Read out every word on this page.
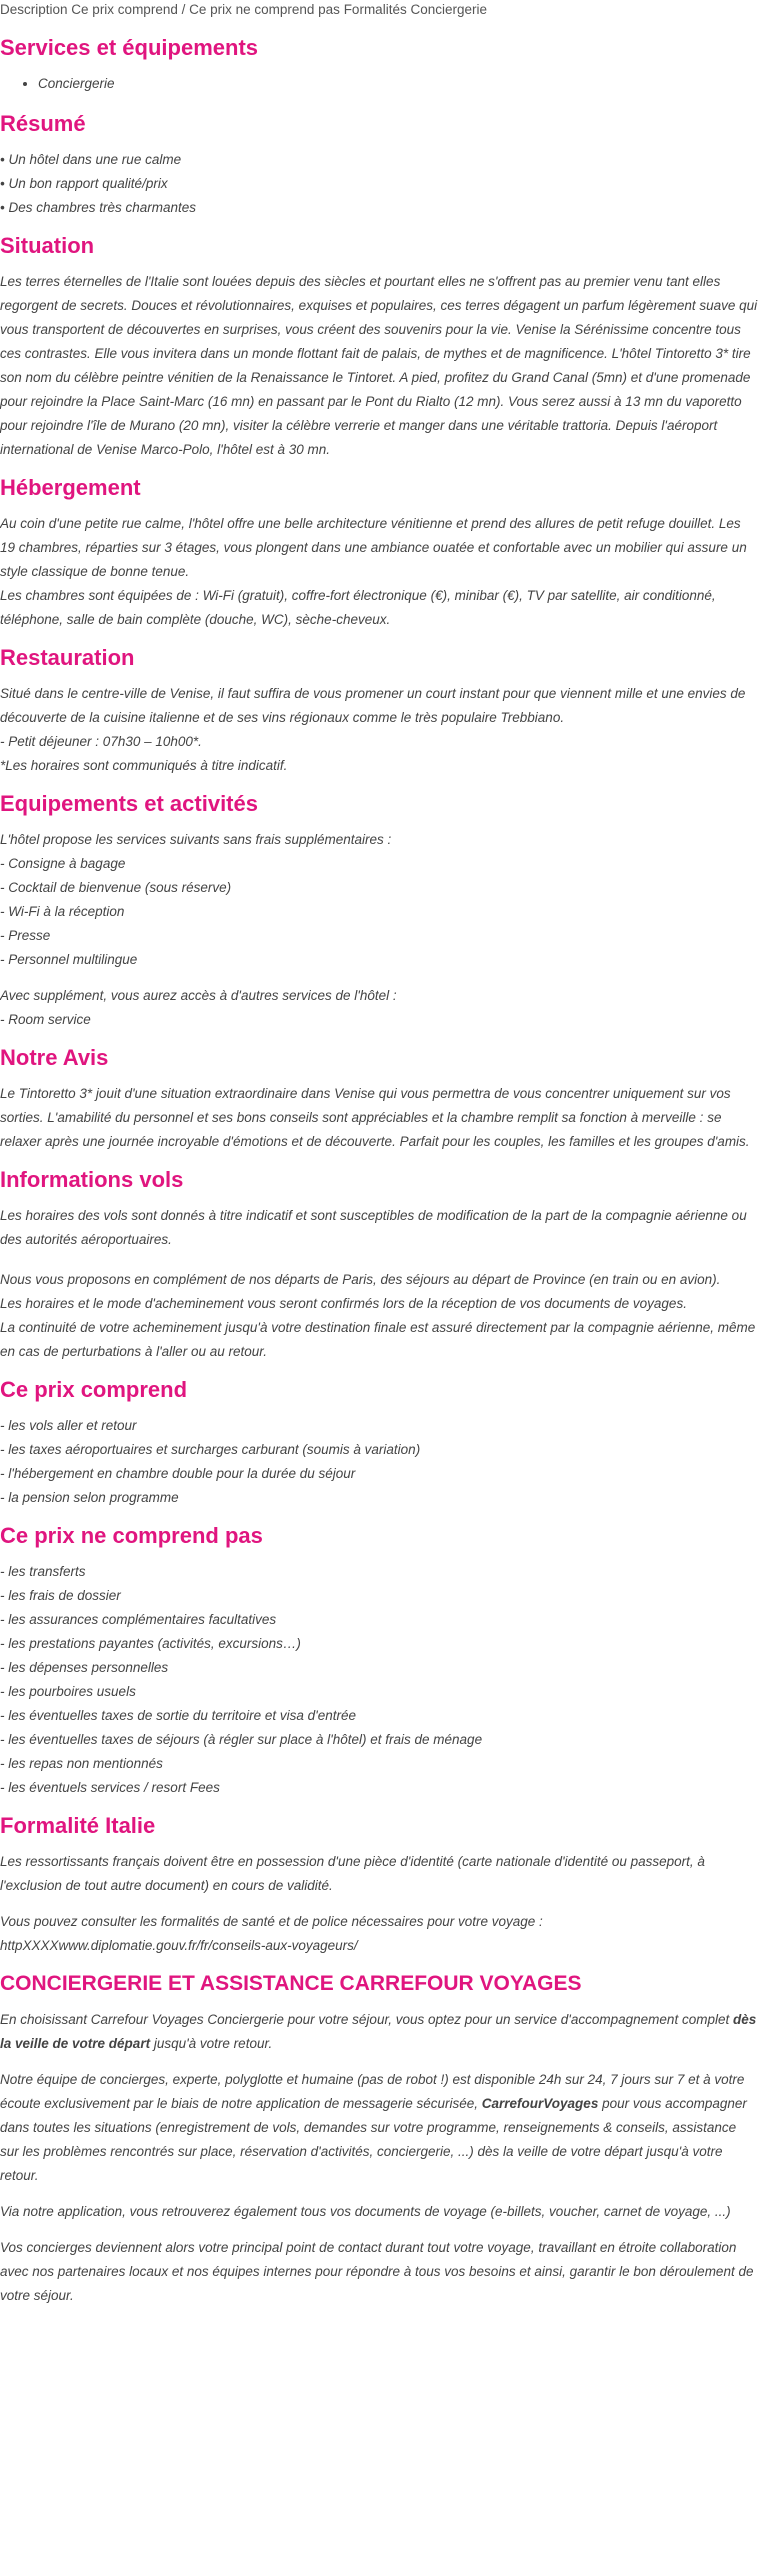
Description Ce prix comprend / Ce prix ne comprend pas Formalités Conciergerie
Services et équipements
• Conciergerie
Résumé

• Un hôtel dans une rue calme
• Un bon rapport qualité/prix
• Des chambres très charmantes

Situation

Les terres éternelles de l'Italie sont louées depuis des siècles et pourtant elles ne s'offrent pas au premier venu tant elles regorgent de secrets. Douces et révolutionnaires, exquises et populaires, ces terres dégagent un parfum légèrement suave qui vous transportent de découvertes en surprises, vous créent des souvenirs pour la vie. Venise la Sérénissime concentre tous ces contrastes. Elle vous invitera dans un monde flottant fait de palais, de mythes et de magnificence. L'hôtel Tintoretto 3* tire son nom du célèbre peintre vénitien de la Renaissance le Tintoret. A pied, profitez du Grand Canal (5mn) et d'une promenade pour rejoindre la Place Saint-Marc (16 mn) en passant par le Pont du Rialto (12 mn). Vous serez aussi à 13 mn du vaporetto pour rejoindre l'île de Murano (20 mn), visiter la célèbre verrerie et manger dans une véritable trattoria. Depuis l'aéroport international de Venise Marco-Polo, l'hôtel est à 30 mn.

Hébergement

Au coin d'une petite rue calme, l'hôtel offre une belle architecture vénitienne et prend des allures de petit refuge douillet. Les 19 chambres, réparties sur 3 étages, vous plongent dans une ambiance ouatée et confortable avec un mobilier qui assure un style classique de bonne tenue.
Les chambres sont équipées de : Wi-Fi (gratuit), coffre-fort électronique (€), minibar (€), TV par satellite, air conditionné, téléphone, salle de bain complète (douche, WC), sèche-cheveux.

Restauration

Situé dans le centre-ville de Venise, il faut suffira de vous promener un court instant pour que viennent mille et une envies de découverte de la cuisine italienne et de ses vins régionaux comme le très populaire Trebbiano.
- Petit déjeuner : 07h30 – 10h00*.
*Les horaires sont communiqués à titre indicatif.

Equipements et activités

L'hôtel propose les services suivants sans frais supplémentaires :
- Consigne à bagage
- Cocktail de bienvenue (sous réserve)
- Wi-Fi à la réception
- Presse
- Personnel multilingue

Avec supplément, vous aurez accès à d'autres services de l'hôtel :
- Room service

Notre Avis

Le Tintoretto 3* jouit d'une situation extraordinaire dans Venise qui vous permettra de vous concentrer uniquement sur vos sorties. L'amabilité du personnel et ses bons conseils sont appréciables et la chambre remplit sa fonction à merveille : se relaxer après une journée incroyable d'émotions et de découverte. Parfait pour les couples, les familles et les groupes d'amis.

Informations vols

Les horaires des vols sont donnés à titre indicatif et sont susceptibles de modification de la part de la compagnie aérienne ou des autorités aéroportuaires.

Nous vous proposons en complément de nos départs de Paris, des séjours au départ de Province (en train ou en avion).
Les horaires et le mode d'acheminement vous seront confirmés lors de la réception de vos documents de voyages.
La continuité de votre acheminement jusqu'à votre destination finale est assuré directement par la compagnie aérienne, même en cas de perturbations à l'aller ou au retour.

Ce prix comprend

- les vols aller et retour
- les taxes aéroportuaires et surcharges carburant (soumis à variation)
- l'hébergement en chambre double pour la durée du séjour
- la pension selon programme

Ce prix ne comprend pas

- les transferts
- les frais de dossier
- les assurances complémentaires facultatives
- les prestations payantes (activités, excursions…)
- les dépenses personnelles
- les pourboires usuels
- les éventuelles taxes de sortie du territoire et visa d'entrée
- les éventuelles taxes de séjours (à régler sur place à l'hôtel) et frais de ménage
- les repas non mentionnés
- les éventuels services / resort Fees

Formalité Italie

Les ressortissants français doivent être en possession d'une pièce d'identité (carte nationale d'identité ou passeport, à l'exclusion de tout autre document) en cours de validité.

Vous pouvez consulter les formalités de santé et de police nécessaires pour votre voyage :
httpXXXXwww.diplomatie.gouv.fr/fr/conseils-aux-voyageurs/

CONCIERGERIE ET ASSISTANCE CARREFOUR VOYAGES

En choisissant Carrefour Voyages Conciergerie pour votre séjour, vous optez pour un service d'accompagnement complet dès la veille de votre départ jusqu'à votre retour.

Notre équipe de concierges, experte, polyglotte et humaine (pas de robot !) est disponible 24h sur 24, 7 jours sur 7 et à votre écoute exclusivement par le biais de notre application de messagerie sécurisée, CarrefourVoyages pour vous accompagner dans toutes les situations (enregistrement de vols, demandes sur votre programme, renseignements & conseils, assistance sur les problèmes rencontrés sur place, réservation d'activités, conciergerie, ...) dès la veille de votre départ jusqu'à votre retour.

Via notre application, vous retrouverez également tous vos documents de voyage (e-billets, voucher, carnet de voyage, ...)

Vos concierges deviennent alors votre principal point de contact durant tout votre voyage, travaillant en étroite collaboration avec nos partenaires locaux et nos équipes internes pour répondre à tous vos besoins et ainsi, garantir le bon déroulement de votre séjour.
